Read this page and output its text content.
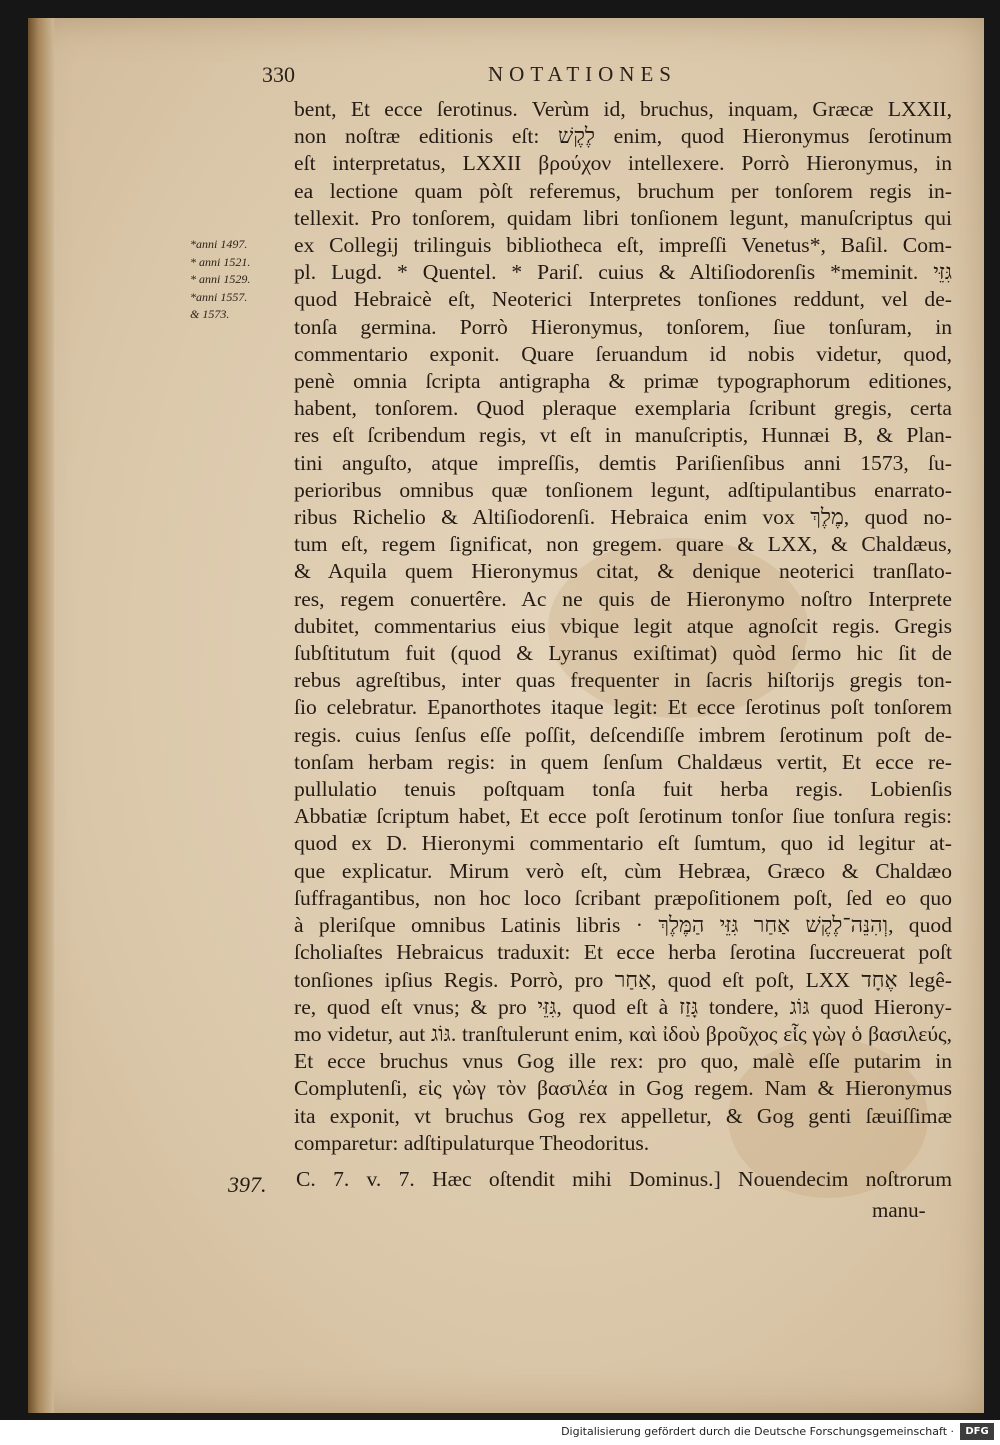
330	NOTATIONES
*anni 1497.
* anni 1521.
* anni 1529.
*anni 1557.
& 1573.
bent, Et ecce ſerotinus. Verùm id, bruchus, inquam, Græcæ LXXII,
non noſtræ editionis eſt: לֶקֶשׁ enim, quod Hieronymus ſerotinum
eſt interpretatus, LXXII βρούχον intellexere. Porrò Hieronymus, in
ea lectione quam pòſt referemus, bruchum per tonſorem regis in-
tellexit. Pro tonſorem, quidam libri tonſionem legunt, manuſcriptus qui
ex Collegij trilinguis bibliotheca eſt, impreſſi Venetus*, Baſil. Com-
pl. Lugd. * Quentel. * Pariſ. cuius & Altiſiodorenſis *meminit. גִּזֵּי
quod Hebraicè eſt, Neoterici Interpretes tonſiones reddunt, vel de-
tonſa germina. Porrò Hieronymus, tonſorem, ſiue tonſuram, in
commentario exponit. Quare ſeruandum id nobis videtur, quod,
penè omnia ſcripta antigrapha & primæ typographorum editiones,
habent, tonſorem. Quod pleraque exemplaria ſcribunt gregis, certa
res eſt ſcribendum regis, vt eſt in manuſcriptis, Hunnæi B, & Plan-
tini anguſto, atque impreſſis, demtis Pariſienſibus anni 1573, ſu-
perioribus omnibus quæ tonſionem legunt, adſtipulantibus enarrato-
ribus Richelio & Altiſiodorenſi. Hebraica enim vox מֶלֶךְ, quod no-
tum eſt, regem ſignificat, non gregem. quare & LXX, & Chaldæus,
& Aquila quem Hieronymus citat, & denique neoterici tranſlato-
res, regem conuertêre. Ac ne quis de Hieronymo noſtro Interprete
dubitet, commentarius eius vbique legit atque agnoſcit regis. Gregis
ſubſtitutum fuit (quod & Lyranus exiſtimat) quòd ſermo hic ſit de
rebus agreſtibus, inter quas frequenter in ſacris hiſtorijs gregis ton-
ſio celebratur. Epanorthotes itaque legit: Et ecce ſerotinus poſt tonſorem
regis. cuius ſenſus eſſe poſſit, deſcendiſſe imbrem ſerotinum poſt de-
tonſam herbam regis: in quem ſenſum Chaldæus vertit, Et ecce re-
pullulatio tenuis poſtquam tonſa fuit herba regis. Lobienſis
Abbatiæ ſcriptum habet, Et ecce poſt ſerotinum tonſor ſiue tonſura regis:
quod ex D. Hieronymi commentario eſt ſumtum, quo id legitur at-
que explicatur. Mirum verò eſt, cùm Hebræa, Græco & Chaldæo
ſuffragantibus, non hoc loco ſcribant præpoſitionem poſt, ſed eo quo
à pleriſque omnibus Latinis libris · וְהִנֵּה־לֶקֶשׁ אַחַר גִּזֵּי הַמֶּלֶךְ, quod
ſcholiaſtes Hebraicus traduxit: Et ecce herba ſerotina ſuccreuerat poſt
tonſiones ipſius Regis. Porrò, pro אַחַר, quod eſt poſt, LXX אֶחָד legê-
re, quod eſt vnus; & pro גִּזֵּי, quod eſt à גָּזַז tondere, גּוֹג quod Hierony-
mo videtur, aut גּוֹג. tranſtulerunt enim, καὶ ἰδοὺ βροῦχος εἷς γὼγ ὁ βασιλεύς,
Et ecce bruchus vnus Gog ille rex: pro quo, malè eſſe putarim in
Complutenſi, εἰς γὼγ τὸν βασιλέα in Gog regem. Nam & Hieronymus
ita exponit, vt bruchus Gog rex appelletur, & Gog genti ſæuiſſimæ
comparetur: adſtipulaturque Theodoritus.
397. C. 7. v. 7. Hæc oſtendit mihi Dominus.] Nouendecim noſtrorum
manu-
Digitalisierung gefördert durch die Deutsche Forschungsgemeinschaft ·	DFG
